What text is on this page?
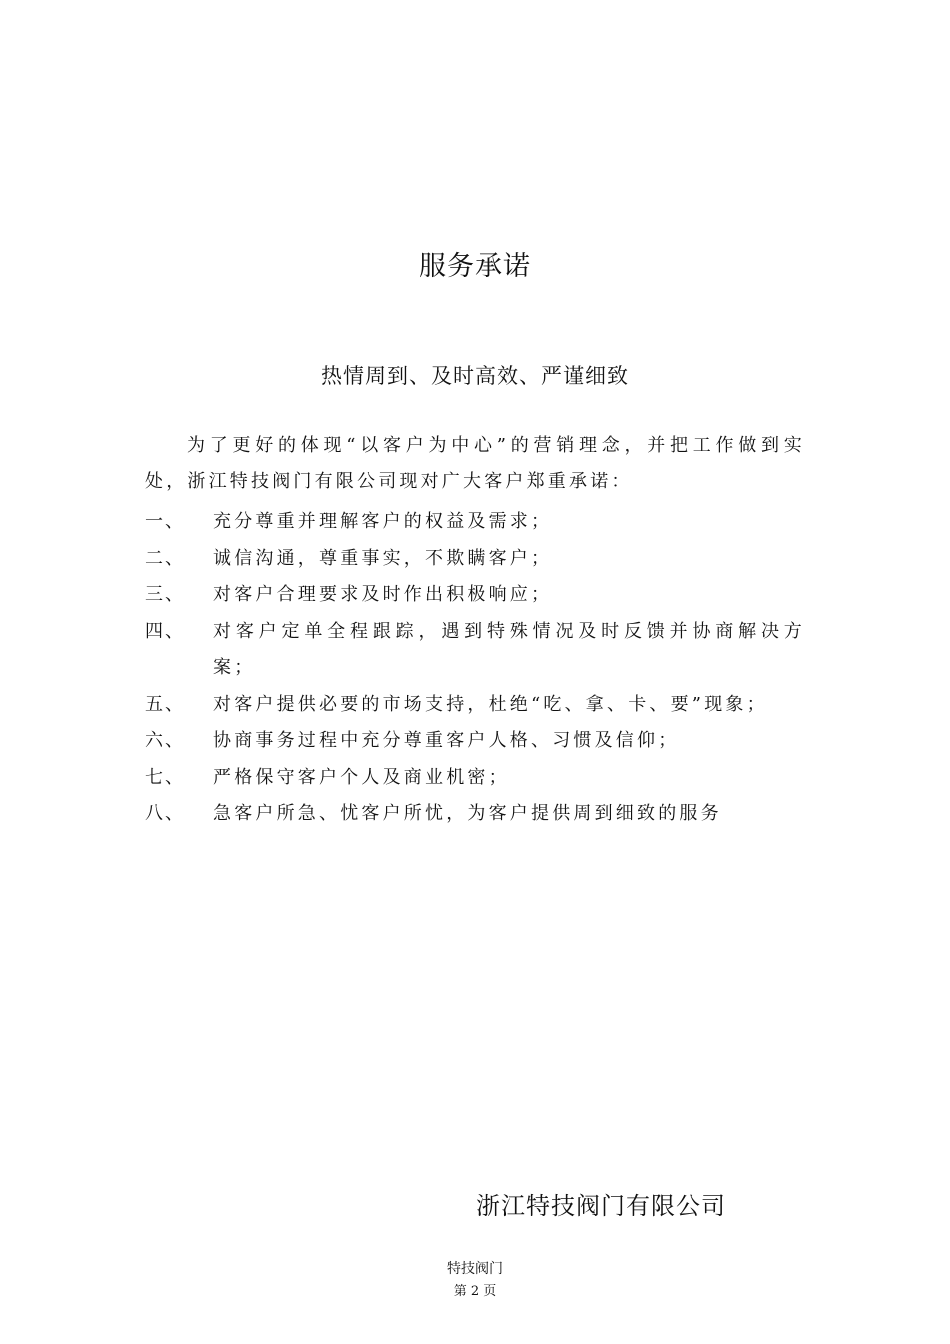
服务承诺
热情周到、及时高效、严谨细致
为了更好的体现“以客户为中心”的营销理念，并把工作做到实处，浙江特技阀门有限公司现对广大客户郑重承诺：
一、	充分尊重并理解客户的权益及需求；
二、	诚信沟通，尊重事实，不欺瞒客户；
三、	对客户合理要求及时作出积极响应；
四、	对客户定单全程跟踪，遇到特殊情况及时反馈并协商解决方案；
五、	对客户提供必要的市场支持，杜绝“吃、拿、卡、要”现象；
六、	协商事务过程中充分尊重客户人格、习惯及信仰；
七、	严格保守客户个人及商业机密；
八、	急客户所急、忧客户所忧，为客户提供周到细致的服务
浙江特技阀门有限公司
特技阀门
第 2 页
